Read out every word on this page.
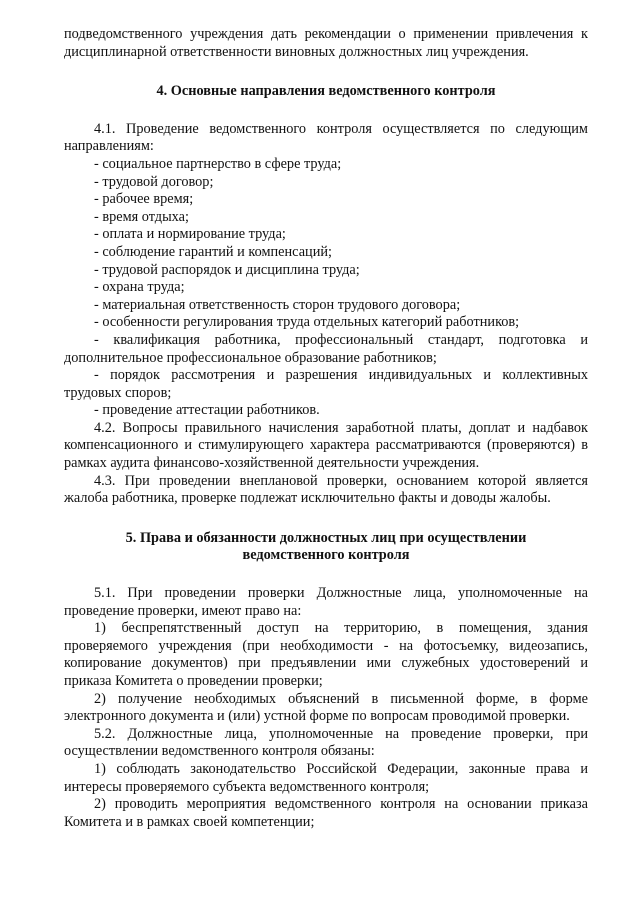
подведомственного учреждения дать рекомендации о применении привлечения к дисциплинарной ответственности виновных должностных лиц учреждения.

4. Основные направления ведомственного контроля

4.1. Проведение ведомственного контроля осуществляется по следующим направлениям:

- социальное партнерство в сфере труда;

- трудовой договор;

- рабочее время;

- время отдыха;

- оплата и нормирование труда;

- соблюдение гарантий и компенсаций;

- трудовой распорядок и дисциплина труда;

- охрана труда;

- материальная ответственность сторон трудового договора;

- особенности регулирования труда отдельных категорий работников;

- квалификация работника, профессиональный стандарт, подготовка и дополнительное профессиональное образование работников;

- порядок рассмотрения и разрешения индивидуальных и коллективных трудовых споров;

- проведение аттестации работников.

4.2. Вопросы правильного начисления заработной платы, доплат и надбавок компенсационного и стимулирующего характера рассматриваются (проверяются) в рамках аудита финансово-хозяйственной деятельности учреждения.

4.3. При проведении внеплановой проверки, основанием которой является жалоба работника, проверке подлежат исключительно факты и доводы жалобы.

5. Права и обязанности должностных лиц при осуществлении
ведомственного контроля

5.1. При проведении проверки Должностные лица, уполномоченные на проведение проверки, имеют право на:

1) беспрепятственный доступ на территорию, в помещения, здания проверяемого учреждения (при необходимости - на фотосъемку, видеозапись, копирование документов) при предъявлении ими служебных удостоверений и приказа Комитета о проведении проверки;

2) получение необходимых объяснений в письменной форме, в форме электронного документа и (или) устной форме по вопросам проводимой проверки.

5.2. Должностные лица, уполномоченные на проведение проверки, при осуществлении ведомственного контроля обязаны:

1) соблюдать законодательство Российской Федерации, законные права и интересы проверяемого субъекта ведомственного контроля;

2) проводить мероприятия ведомственного контроля на основании приказа Комитета и в рамках своей компетенции;
